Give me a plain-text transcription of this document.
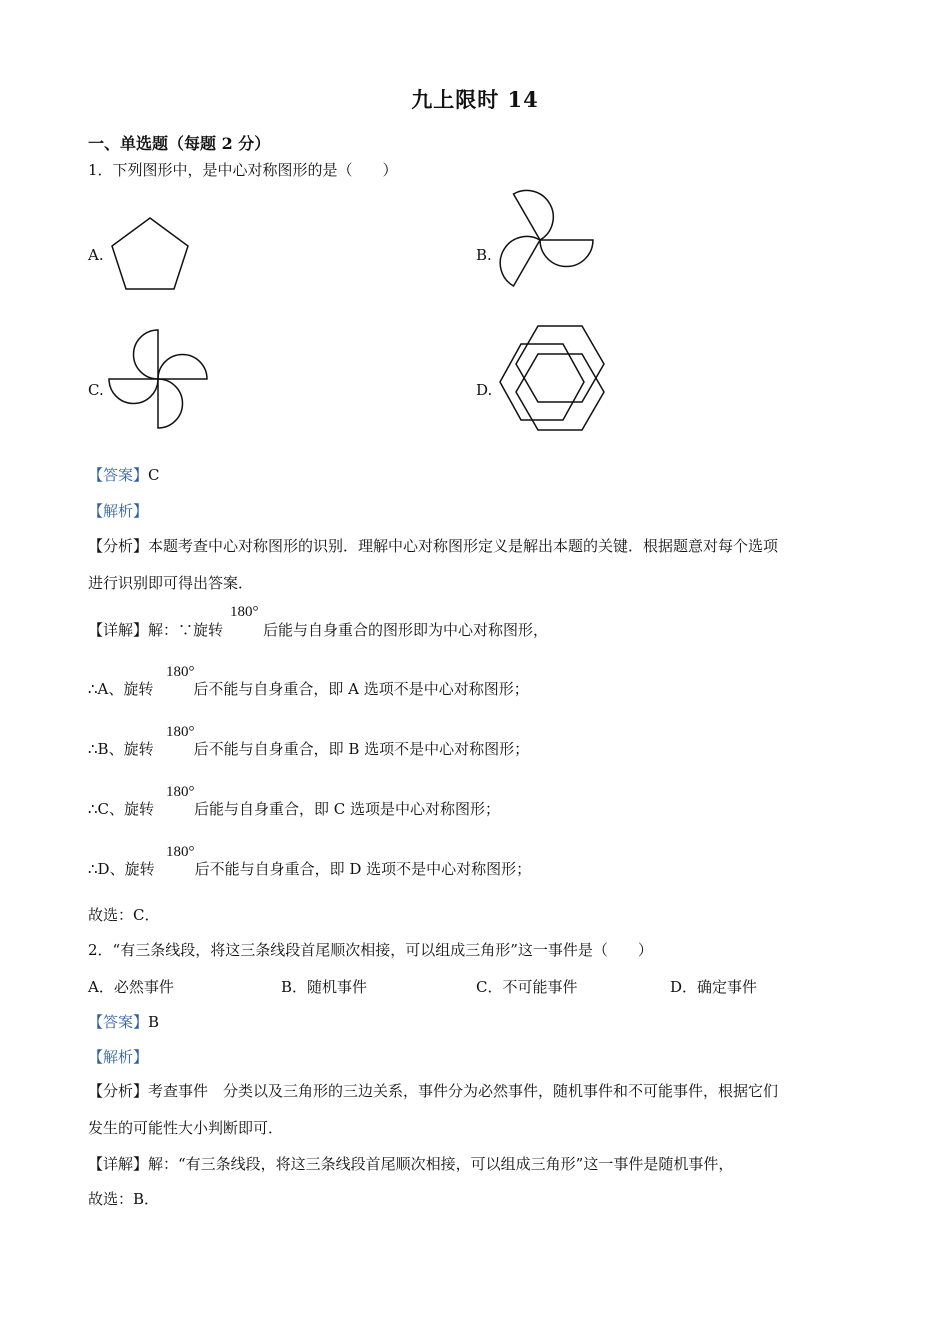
九上限时 14
一、单选题（每题 2 分）
1．下列图形中，是中心对称图形的是（　　）
A.	B.
C.	D.
【答案】C
【解析】
【分析】本题考查中心对称图形的识别．理解中心对称图形定义是解出本题的关键．根据题意对每个选项
进行识别即可得出答案．
【详解】解：∵旋转	后能与自身重合的图形即为中心对称图形，
180°
∴A、旋转	后不能与自身重合，即 A 选项不是中心对称图形；
180°
∴B、旋转	后不能与自身重合，即 B 选项不是中心对称图形；
180°
∴C、旋转	后能与自身重合，即 C 选项是中心对称图形；
180°
∴D、旋转	后不能与自身重合，即 D 选项不是中心对称图形；
180°
故选：C．
2．“有三条线段，将这三条线段首尾顺次相接，可以组成三角形”这一事件是（　　）
A．必然事件	B．随机事件	C．不可能事件	D．确定事件
【答案】B
【解析】
【分析】考查事件　分类以及三角形的三边关系，事件分为必然事件，随机事件和不可能事件，根据它们
发生的可能性大小判断即可．
【详解】解：“有三条线段，将这三条线段首尾顺次相接，可以组成三角形”这一事件是随机事件，
故选：B．
